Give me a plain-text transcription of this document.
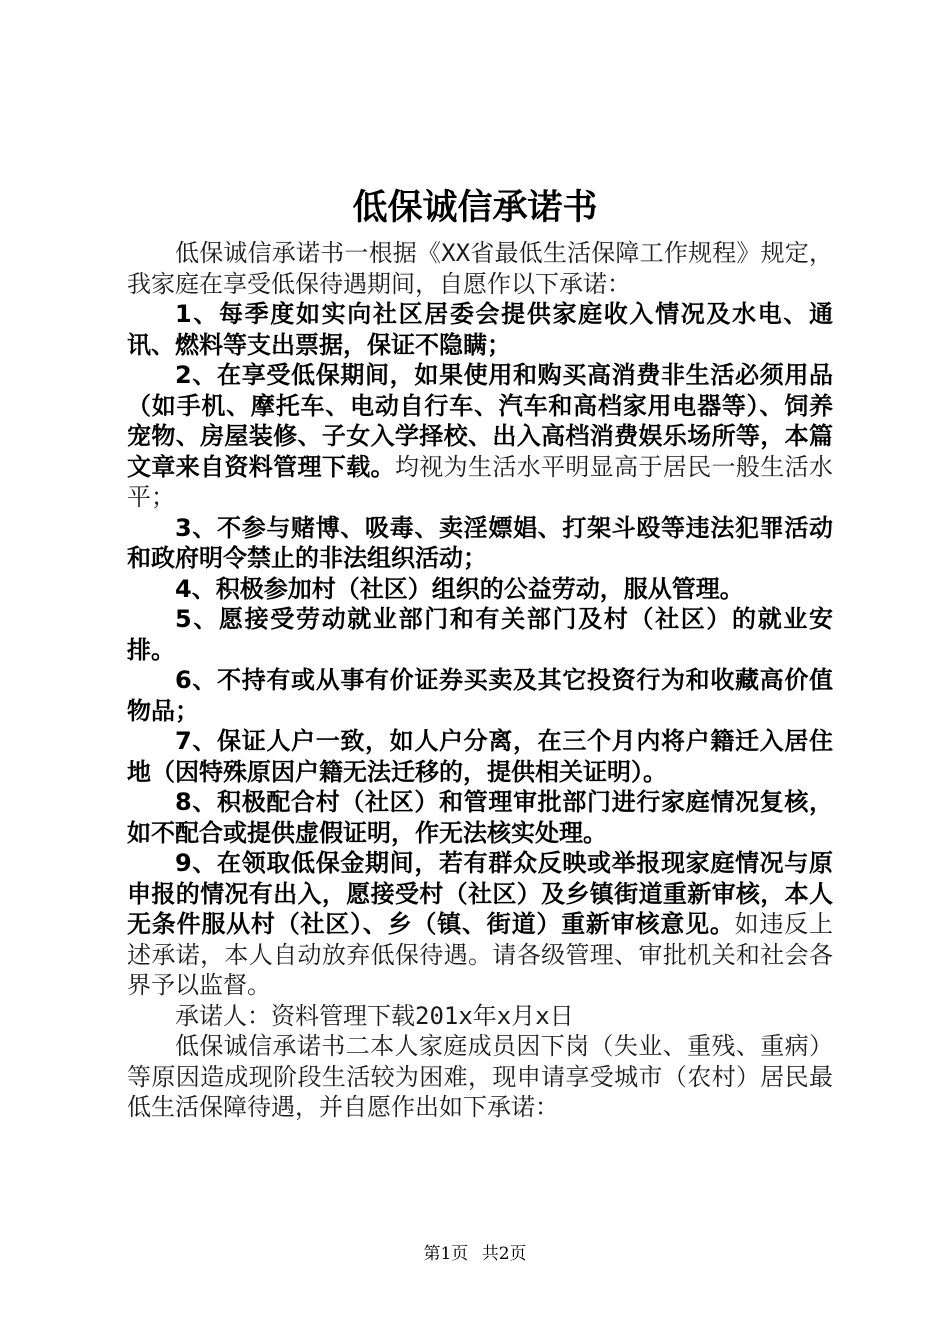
低保诚信承诺书

低保诚信承诺书一根据《XX省最低生活保障工作规程》规定，我家庭在享受低保待遇期间，自愿作以下承诺：

1、每季度如实向社区居委会提供家庭收入情况及水电、通讯、燃料等支出票据，保证不隐瞒；

2、在享受低保期间，如果使用和购买高消费非生活必须用品（如手机、摩托车、电动自行车、汽车和高档家用电器等）、饲养宠物、房屋装修、子女入学择校、出入高档消费娱乐场所等，本篇文章来自资料管理下载。均视为生活水平明显高于居民一般生活水平；

3、不参与赌博、吸毒、卖淫嫖娼、打架斗殴等违法犯罪活动和政府明令禁止的非法组织活动；

4、积极参加村（社区）组织的公益劳动，服从管理。

5、愿接受劳动就业部门和有关部门及村（社区）的就业安排。

6、不持有或从事有价证券买卖及其它投资行为和收藏高价值物品；

7、保证人户一致，如人户分离，在三个月内将户籍迁入居住地（因特殊原因户籍无法迁移的，提供相关证明）。

8、积极配合村（社区）和管理审批部门进行家庭情况复核，如不配合或提供虚假证明，作无法核实处理。

9、在领取低保金期间，若有群众反映或举报现家庭情况与原申报的情况有出入，愿接受村（社区）及乡镇街道重新审核，本人无条件服从村（社区）、乡（镇、街道）重新审核意见。如违反上述承诺，本人自动放弃低保待遇。请各级管理、审批机关和社会各界予以监督。

承诺人：资料管理下载201x年x月x日

低保诚信承诺书二本人家庭成员因下岗（失业、重残、重病）等原因造成现阶段生活较为困难，现申请享受城市（农村）居民最低生活保障待遇，并自愿作出如下承诺：

第1页 共2页
